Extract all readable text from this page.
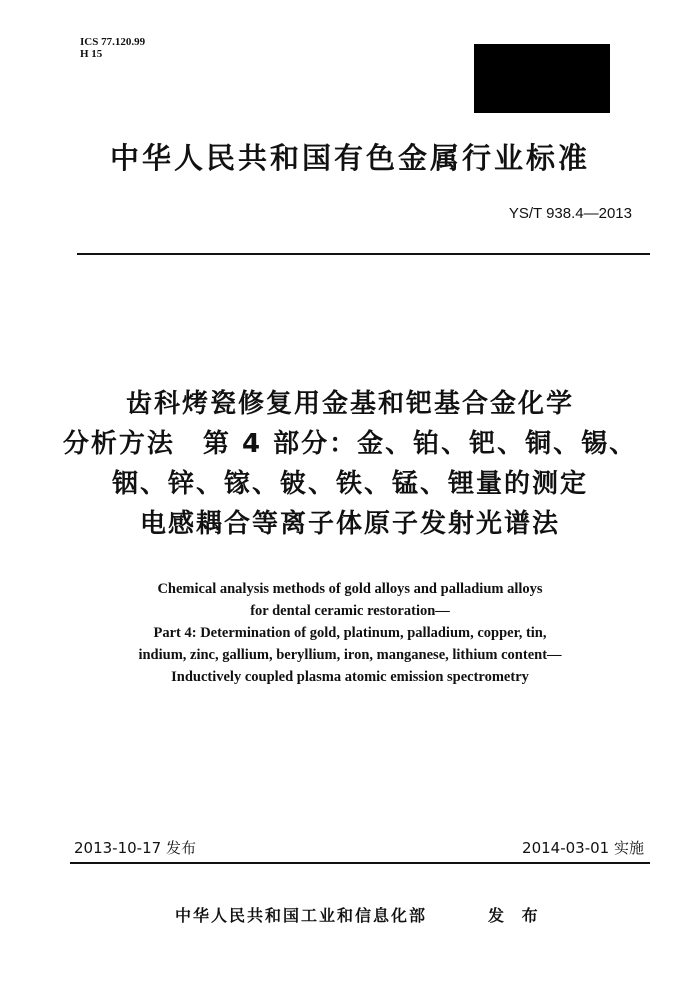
ICS 77.120.99
H 15
中华人民共和国有色金属行业标准
YS/T 938.4—2013
齿科烤瓷修复用金基和钯基合金化学
分析方法　第 4 部分：金、铂、钯、铜、锡、
铟、锌、镓、铍、铁、锰、锂量的测定
电感耦合等离子体原子发射光谱法
Chemical analysis methods of gold alloys and palladium alloys
for dental ceramic restoration—
Part 4: Determination of gold, platinum, palladium, copper, tin,
indium, zinc, gallium, beryllium, iron, manganese, lithium content—
Inductively coupled plasma atomic emission spectrometry
2013-10-17 发布	2014-03-01 实施
中华人民共和国工业和信息化部	发 布
